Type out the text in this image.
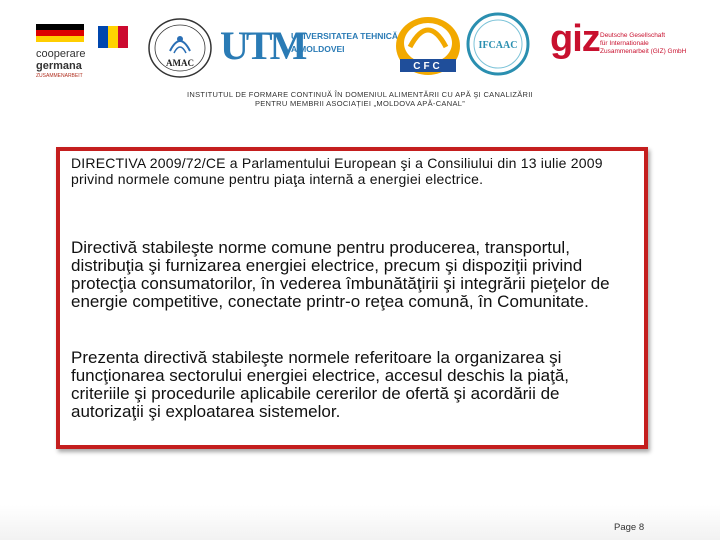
cooperare
germana
ZUSAMMENARBEIT
AMAC UTM
UNIVERSITATEA TEHNICĂ
A MOLDOVEI
CFC
IFCAAC giz Deutsche Gesellschaft
für Internationale
Zusammenarbeit (GIZ) GmbH
INSTITUTUL DE FORMARE CONTINUĂ ÎN DOMENIUL ALIMENTĂRII CU APĂ ŞI CANALIZĂRII
PENTRU MEMBRII ASOCIAȚIEI „MOLDOVA APĂ-CANAL”
DIRECTIVA 2009/72/CE a Parlamentului European şi a Consiliului din 13 iulie 2009 privind normele comune pentru piaţa internă a energiei electrice.
Directivă stabileşte norme comune pentru producerea, transportul, distribuţia şi furnizarea energiei electrice, precum şi dispoziţii privind protecţia consumatorilor, în vederea îmbunătăţirii şi integrării pieţelor de energie competitive, conectate printr-o reţea comună, în Comunitate.
Prezenta directivă stabileşte normele referitoare la organizarea şi funcţionarea sectorului energiei electrice, accesul deschis la piaţă, criteriile şi procedurile aplicabile cererilor de ofertă şi acordării de autorizaţii şi exploatarea sistemelor.
Page 8
